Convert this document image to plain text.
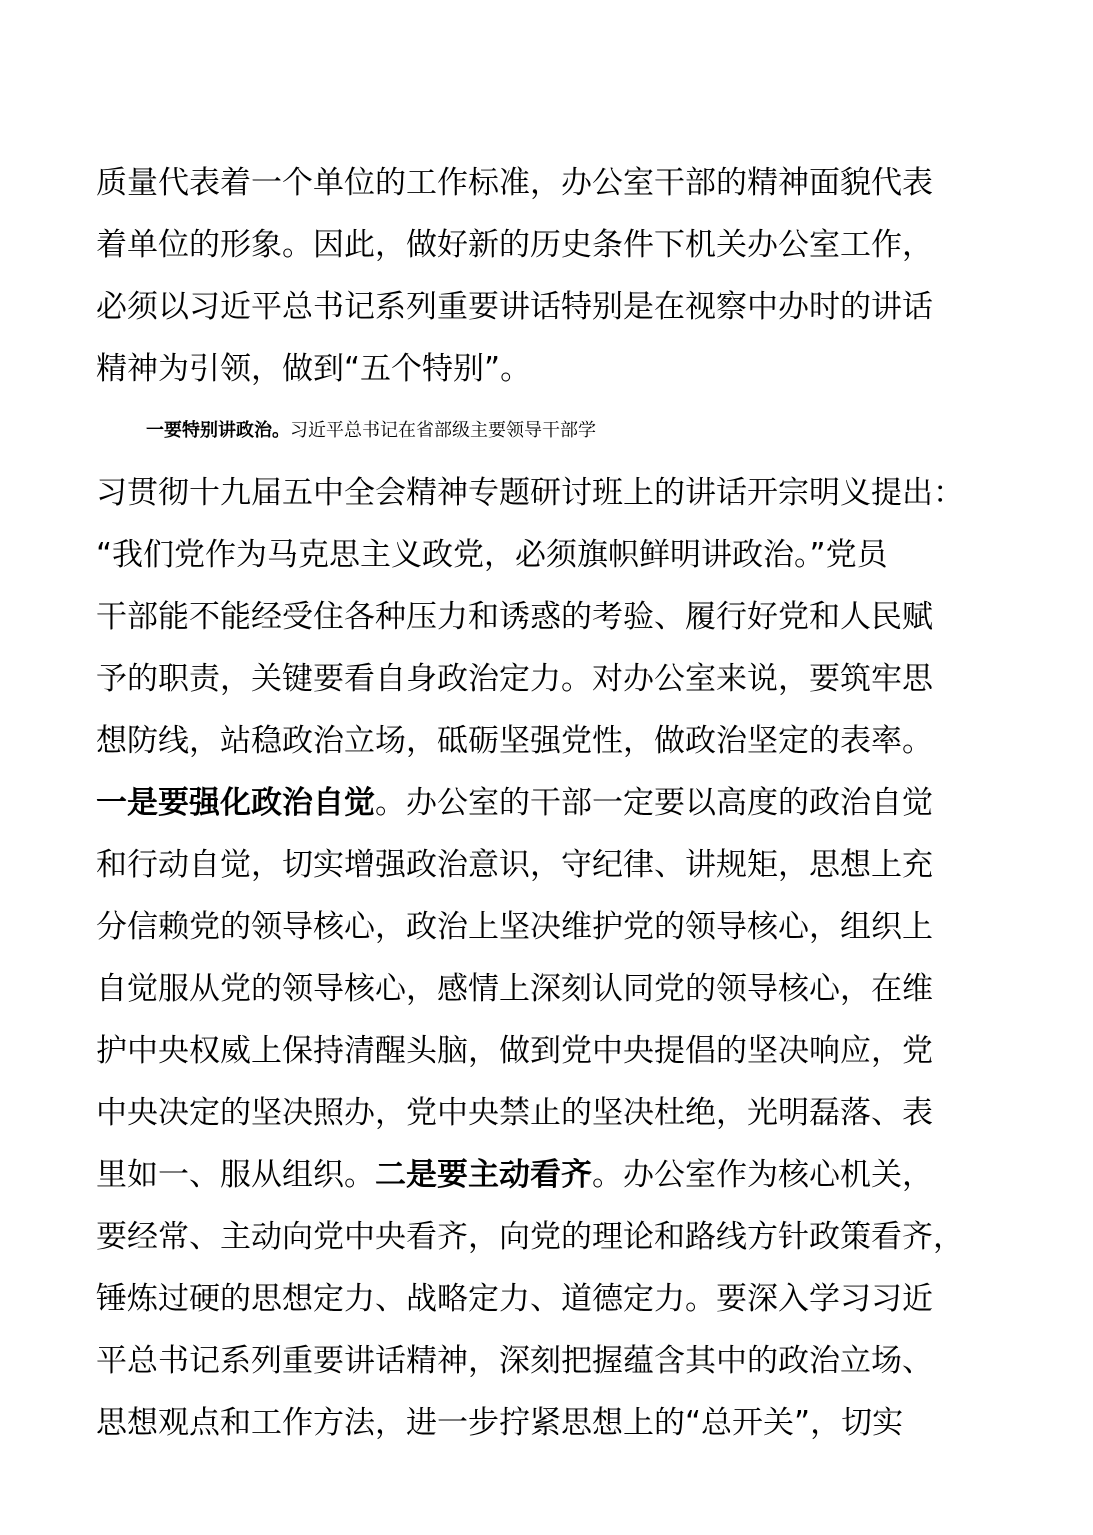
质量代表着一个单位的工作标准，办公室干部的精神面貌代表
着单位的形象。因此，做好新的历史条件下机关办公室工作，
必须以习近平总书记系列重要讲话特别是在视察中办时的讲话
精神为引领，做到“五个特别”。
一要特别讲政治。习近平总书记在省部级主要领导干部学
习贯彻十九届五中全会精神专题研讨班上的讲话开宗明义提出：
“我们党作为马克思主义政党，必须旗帜鲜明讲政治。”党员
干部能不能经受住各种压力和诱惑的考验、履行好党和人民赋
予的职责，关键要看自身政治定力。对办公室来说，要筑牢思
想防线，站稳政治立场，砥砺坚强党性，做政治坚定的表率。
一是要强化政治自觉。办公室的干部一定要以高度的政治自觉
和行动自觉，切实增强政治意识，守纪律、讲规矩，思想上充
分信赖党的领导核心，政治上坚决维护党的领导核心，组织上
自觉服从党的领导核心，感情上深刻认同党的领导核心，在维
护中央权威上保持清醒头脑，做到党中央提倡的坚决响应，党
中央决定的坚决照办，党中央禁止的坚决杜绝，光明磊落、表
里如一、服从组织。二是要主动看齐。办公室作为核心机关，
要经常、主动向党中央看齐，向党的理论和路线方针政策看齐，
锤炼过硬的思想定力、战略定力、道德定力。要深入学习习近
平总书记系列重要讲话精神，深刻把握蕴含其中的政治立场、
思想观点和工作方法，进一步拧紧思想上的“总开关”，切实
